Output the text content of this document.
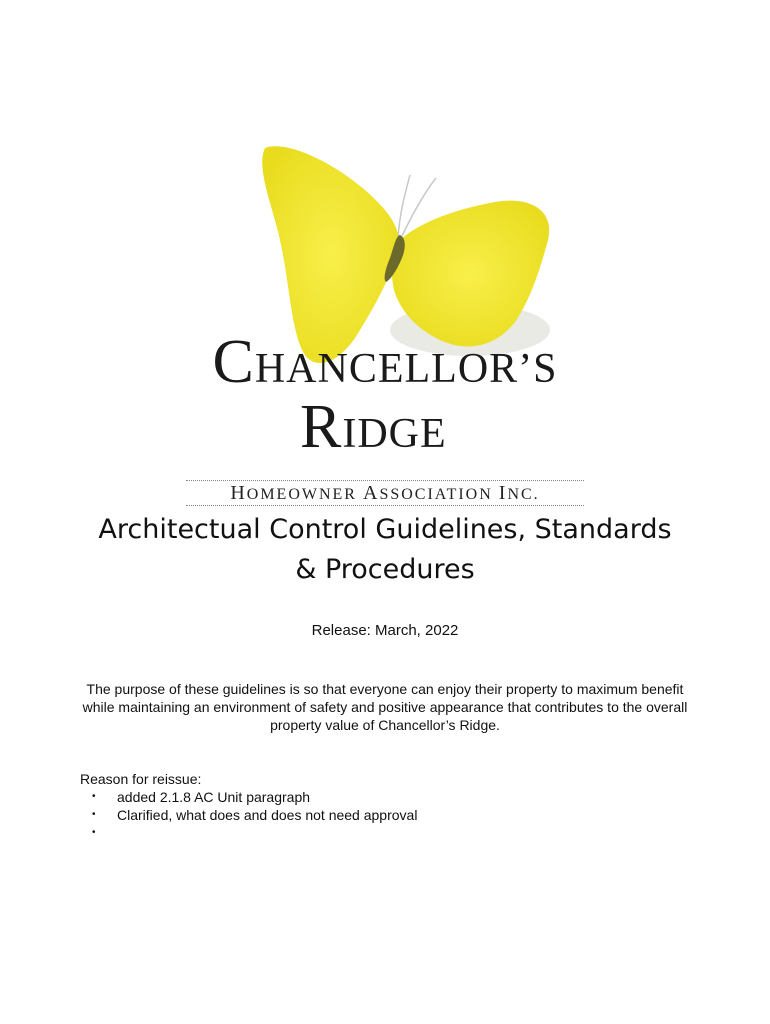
CHANCELLOR’S
RIDGE
HOMEOWNER ASSOCIATION INC.
Architectual Control Guidelines, Standards
& Procedures
Release: March, 2022

The purpose of these guidelines is so that everyone can enjoy their property to maximum benefit while maintaining an environment of safety and positive appearance that contributes to the overall property value of Chancellor’s Ridge.

Reason for reissue:
• added 2.1.8 AC Unit paragraph
• Clarified, what does and does not need approval
•
